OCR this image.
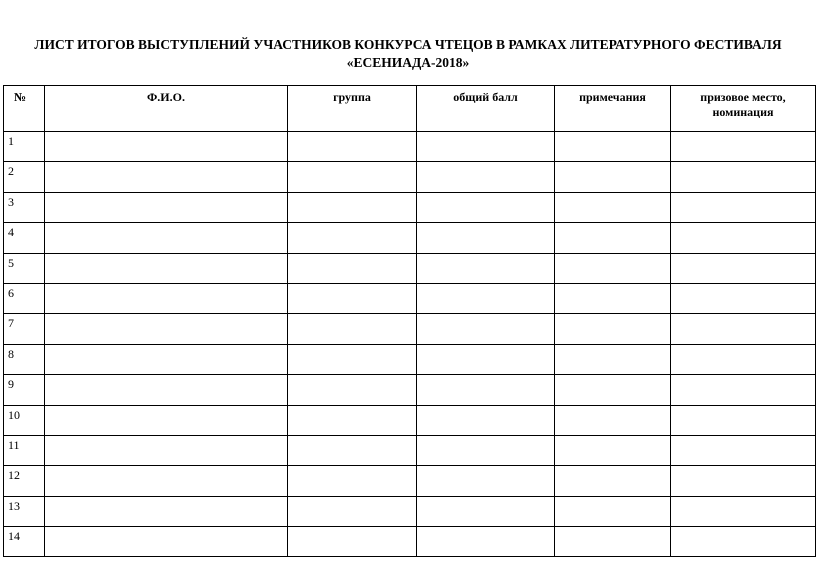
ЛИСТ ИТОГОВ ВЫСТУПЛЕНИЙ УЧАСТНИКОВ КОНКУРСА ЧТЕЦОВ В РАМКАХ ЛИТЕРАТУРНОГО ФЕСТИВАЛЯ
«ЕСЕНИАДА-2018»
№	Ф.И.О.	группа	общий балл	примечания	призовое место,
номинация

1					
2					
3					
4					
5					
6					
7					
8					
9					
10					
11					
12					
13					
14					
